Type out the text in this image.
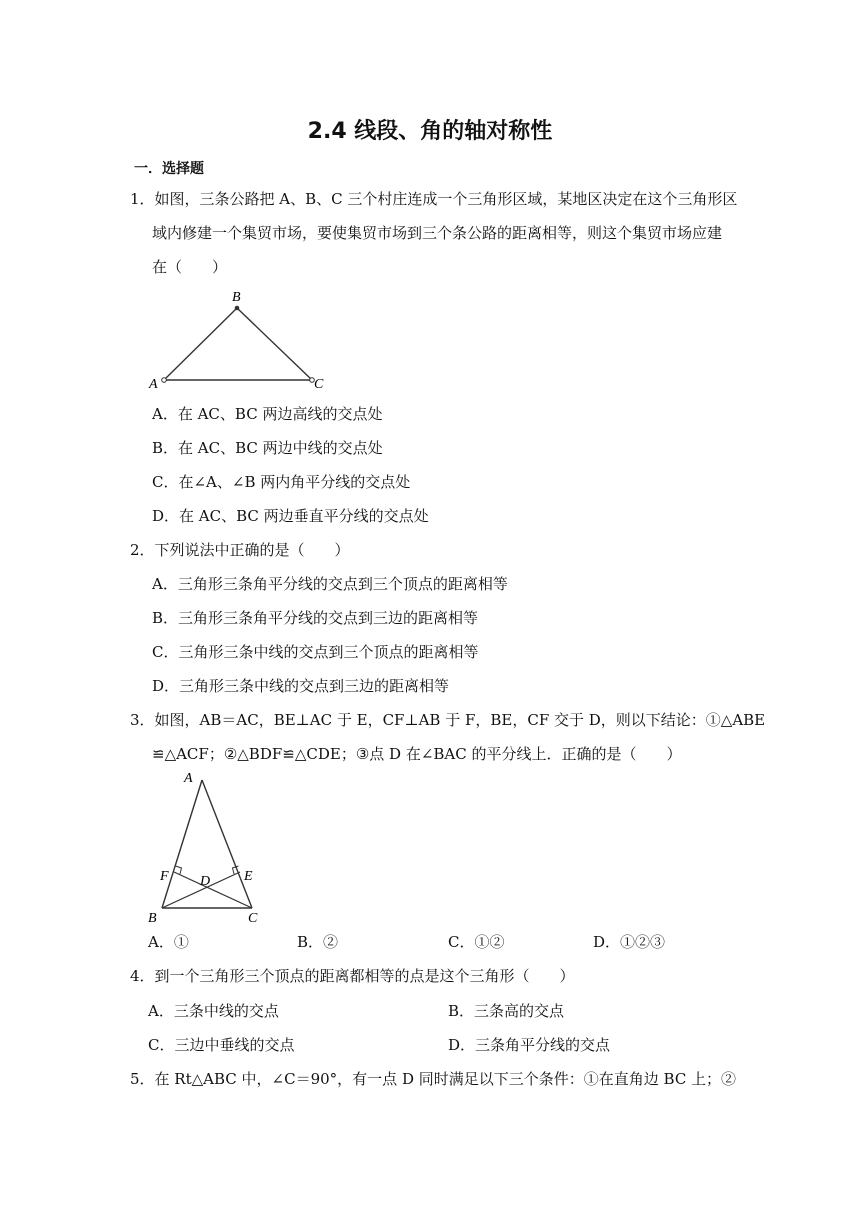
2.4 线段、角的轴对称性
一．选择题
1．如图，三条公路把 A、B、C 三个村庄连成一个三角形区域，某地区决定在这个三角形区
域内修建一个集贸市场，要使集贸市场到三个条公路的距离相等，则这个集贸市场应建
在（　　）
B
A	C
A．在 AC、BC 两边高线的交点处
B．在 AC、BC 两边中线的交点处
C．在∠A、∠B 两内角平分线的交点处
D．在 AC、BC 两边垂直平分线的交点处
2．下列说法中正确的是（　　）
A．三角形三条角平分线的交点到三个顶点的距离相等
B．三角形三条角平分线的交点到三边的距离相等
C．三角形三条中线的交点到三个顶点的距离相等
D．三角形三条中线的交点到三边的距离相等
3．如图，AB＝AC，BE⊥AC 于 E，CF⊥AB 于 F，BE，CF 交于 D，则以下结论：①△ABE
≌△ACF；②△BDF≌△CDE；③点 D 在∠BAC 的平分线上．正确的是（　　）
A
F D E
B	C
A．①	B．②	C．①②	D．①②③
4．到一个三角形三个顶点的距离都相等的点是这个三角形（　　）
A．三条中线的交点	B．三条高的交点
C．三边中垂线的交点	D．三条角平分线的交点
5．在 Rt△ABC 中，∠C＝90°，有一点 D 同时满足以下三个条件：①在直角边 BC 上；②
